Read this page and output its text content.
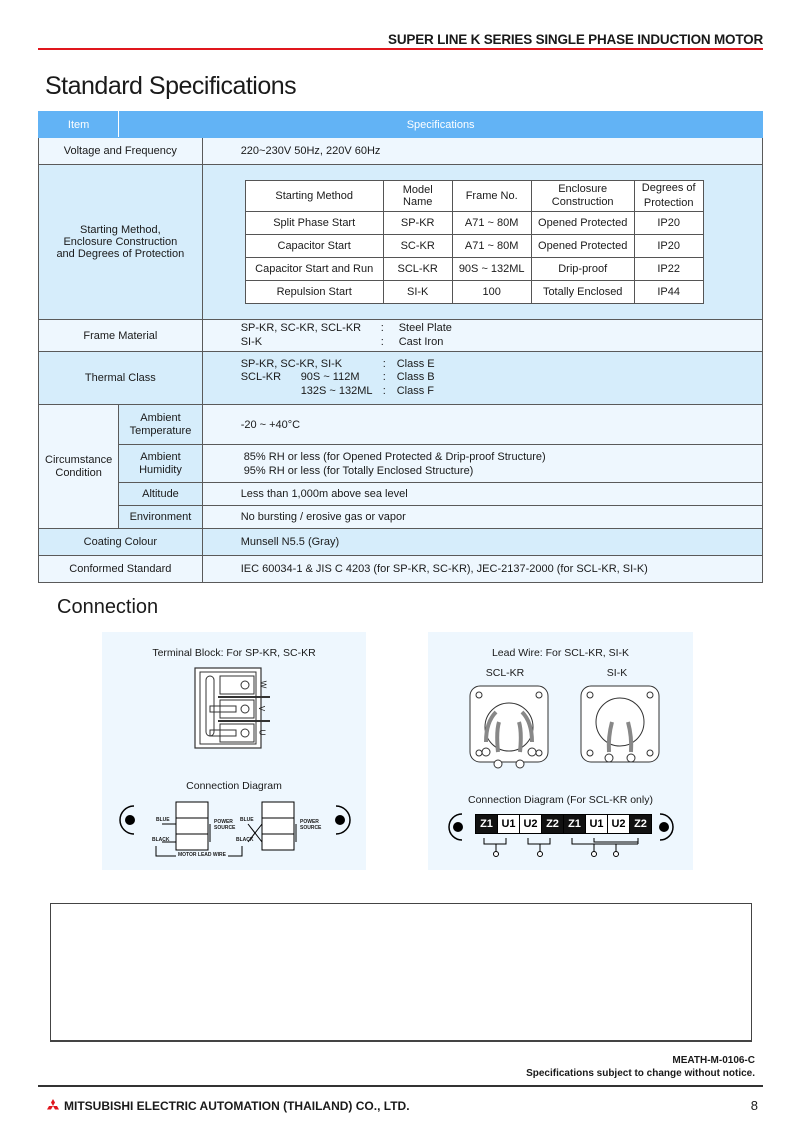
SUPER LINE K SERIES SINGLE PHASE INDUCTION MOTOR
Standard Specifications
Item	Specifications
Voltage and Frequency	220~230V 50Hz, 220V 60Hz

Starting Method,
Enclosure Construction
and Degrees of Protection

Starting Method	Model Name	Frame No.	Enclosure Construction	Degrees of Protection
Split Phase Start	SP-KR	A71 ~ 80M	Opened Protected	IP20
Capacitor Start	SC-KR	A71 ~ 80M	Opened Protected	IP20
Capacitor Start and Run	SCL-KR	90S ~ 132ML	Drip-proof	IP22
Repulsion Start	SI-K	100	Totally Enclosed	IP44

Frame Material	
SP-KR, SC-KR, SCL-KR	:	Steel Plate
SI-K	:	Cast Iron

Thermal Class	
SP-KR, SC-KR, SI-K	: Class E
SCL-KR	90S ~ 112M	: Class B
132S ~ 132ML : Class F

Circumstance
Condition

Ambient
Temperature	-20 ~ +40°C

Ambient
Humidity

85% RH or less (for Opened Protected & Drip-proof Structure)
95% RH or less (for Totally Enclosed Structure)

Altitude	Less than 1,000m above sea level
Environment	No bursting / erosive gas or vapor
Coating Colour	Munsell N5.5 (Gray)
Conformed Standard	IEC 60034-1 & JIS C 4203 (for SP-KR, SC-KR), JEC-2137-2000 (for SCL-KR, SI-K)
Connection
Terminal Block: For SP-KR, SC-KR
W
V
U
Connection Diagram
BLUE
BLACK
POWER
SOURCE
BLUE
BLACK
POWER
SOURCE
MOTOR LEAD WIRE
Lead Wire: For SCL-KR, SI-K
SCL-KR	SI-K
Connection Diagram (For SCL-KR only)
Z1 U1 U2 Z2 Z1 U1 U2 Z2
MEATH-M-0106-C
Specifications subject to change without notice.
MITSUBISHI ELECTRIC AUTOMATION (THAILAND) CO., LTD.	8
